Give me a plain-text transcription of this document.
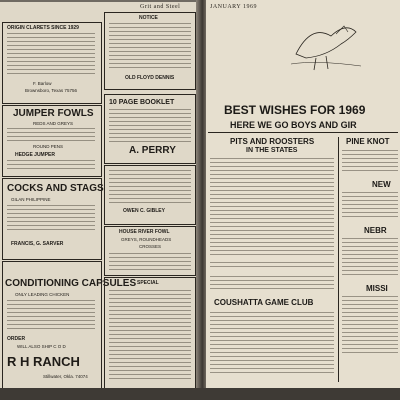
Grit and Steel
ORIGIN CLARETS SINCE 1929
F. Barlow
Brownsboro, Texas 75756
JUMPER FOWLS
REDS AND GREYS
ROUND PENS
HEDGE JUMPER
COCKS AND STAGS
GILAN PHILIPPINE
FRANCIS, G. SARVER
CONDITIONING CAPSULES
ONLY LEADING CHICKEN
ORDER
WILL ALSO SHIP C O D
R H RANCH
Stillwater, Okla. 74074
NOTICE
OLD FLOYD DENNIS
10 PAGE BOOKLET
A. PERRY
OWEN C. GIBLEY
HOUSE RIVER FOWL
GREYS, ROUNDHEADS
CROSSES
SPECIAL
JANUARY 1969
BEST WISHES FOR 1969
HERE WE GO BOYS AND GIR
PITS AND ROOSTERS
IN THE STATES
COUSHATTA GAME CLUB
PINE KNOT
NEW
NEBR
MISSI
